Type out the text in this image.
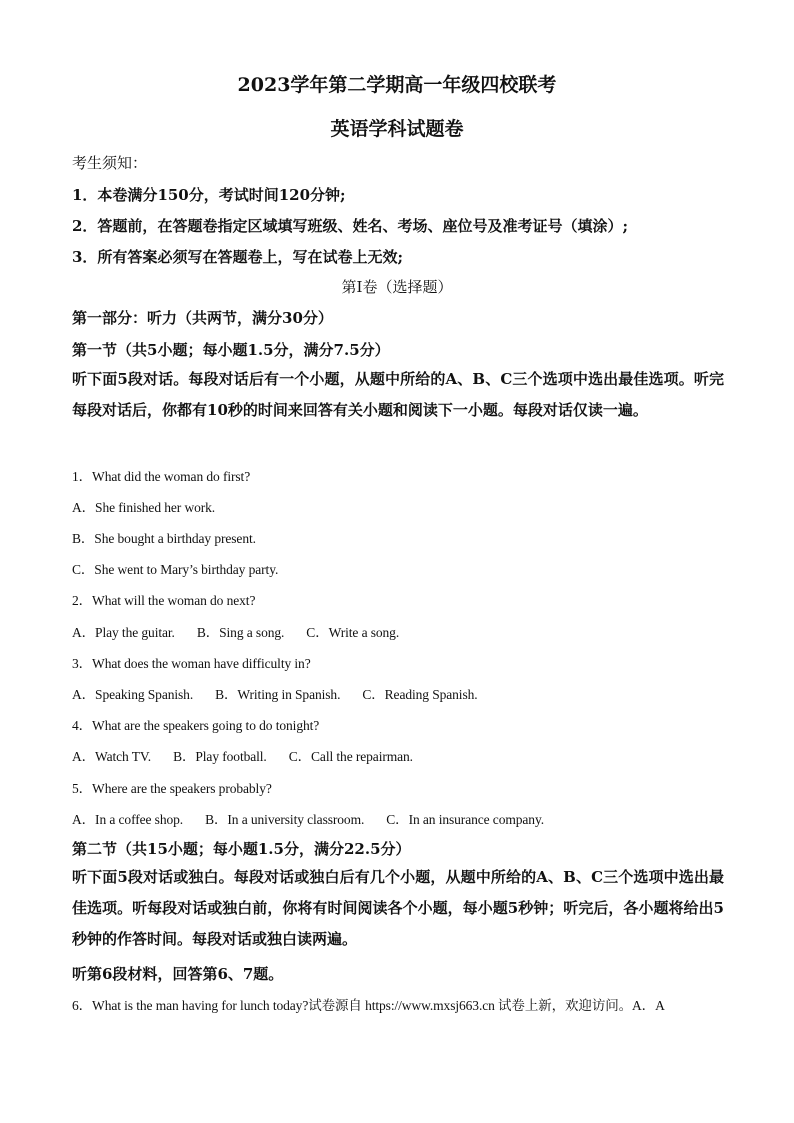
2023学年第二学期高一年级四校联考
英语学科试题卷
考生须知：
1．本卷满分150分，考试时间120分钟;
2．答题前，在答题卷指定区域填写班级、姓名、考场、座位号及准考证号（填涂）;
3．所有答案必须写在答题卷上，写在试卷上无效;
第I卷（选择题）
第一部分：听力（共两节，满分30分）
第一节（共5小题；每小题1.5分，满分7.5分）
听下面5段对话。每段对话后有一个小题，从题中所给的A、B、C三个选项中选出最佳选项。听完每段对话后，你都有10秒的时间来回答有关小题和阅读下一小题。每段对话仅读一遍。
1．What did the woman do first?
A．She finished her work.
B．She bought a birthday present.
C．She went to Mary’s birthday party.
2．What will the woman do next?
A．Play the guitar. B．Sing a song. C．Write a song.
3．What does the woman have difficulty in?
A．Speaking Spanish. B．Writing in Spanish. C．Reading Spanish.
4．What are the speakers going to do tonight?
A．Watch TV. B．Play football. C．Call the repairman.
5．Where are the speakers probably?
A．In a coffee shop. B．In a university classroom. C．In an insurance company.
第二节（共15小题；每小题1.5分，满分22.5分）
听下面5段对话或独白。每段对话或独白后有几个小题，从题中所给的A、B、C三个选项中选出最佳选项。听每段对话或独白前，你将有时间阅读各个小题，每小题5秒钟；听完后，各小题将给出5秒钟的作答时间。每段对话或独白读两遍。
听第6段材料，回答第6、7题。
6．What is the man having for lunch today?试卷源自 https://www.mxsj663.cn 试卷上新，欢迎访问。A．A
